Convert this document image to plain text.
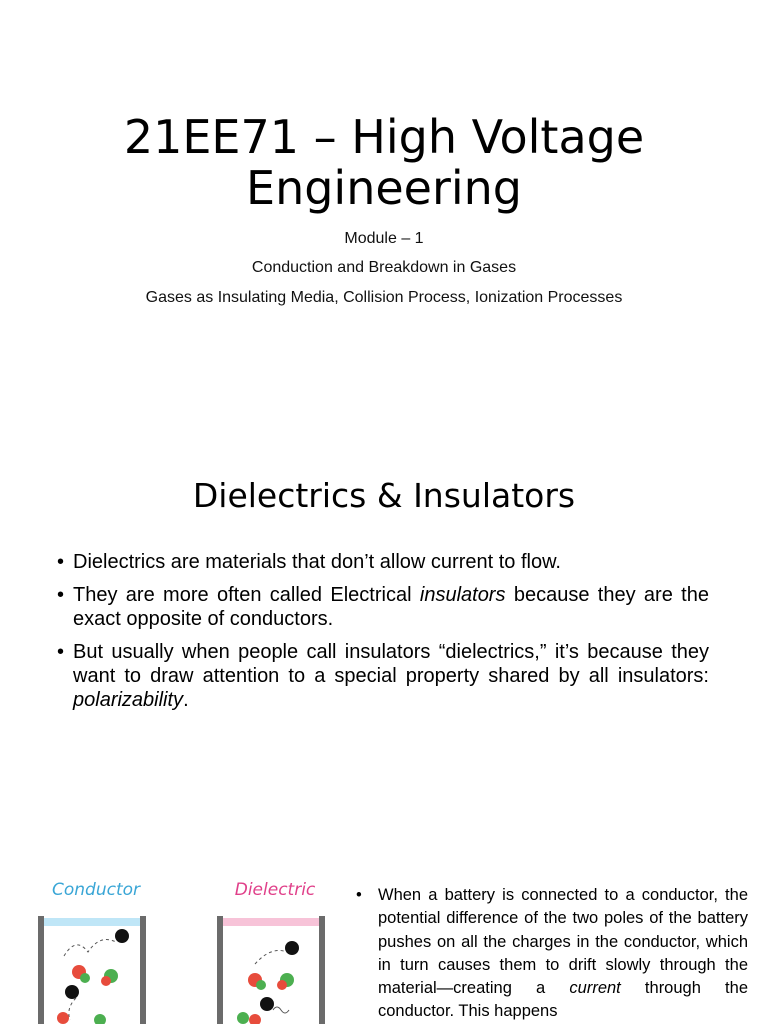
21EE71 – High Voltage Engineering

Module – 1

Conduction and Breakdown in Gases

Gases as Insulating Media, Collision Process, Ionization Processes

Dielectrics & Insulators
• Dielectrics are materials that don’t allow current to flow.
• They are more often called Electrical insulators because they are the exact opposite of conductors.
• But usually when people call insulators “dielectrics,” it’s because they want to draw attention to a special property shared by all insulators: polarizability.
Conductor	Dielectric
•	When a battery is connected to a conductor, the potential difference of the two poles of the battery pushes on all the charges in the conductor, which in turn causes them to drift slowly through the material—creating a current through the conductor. This happens
